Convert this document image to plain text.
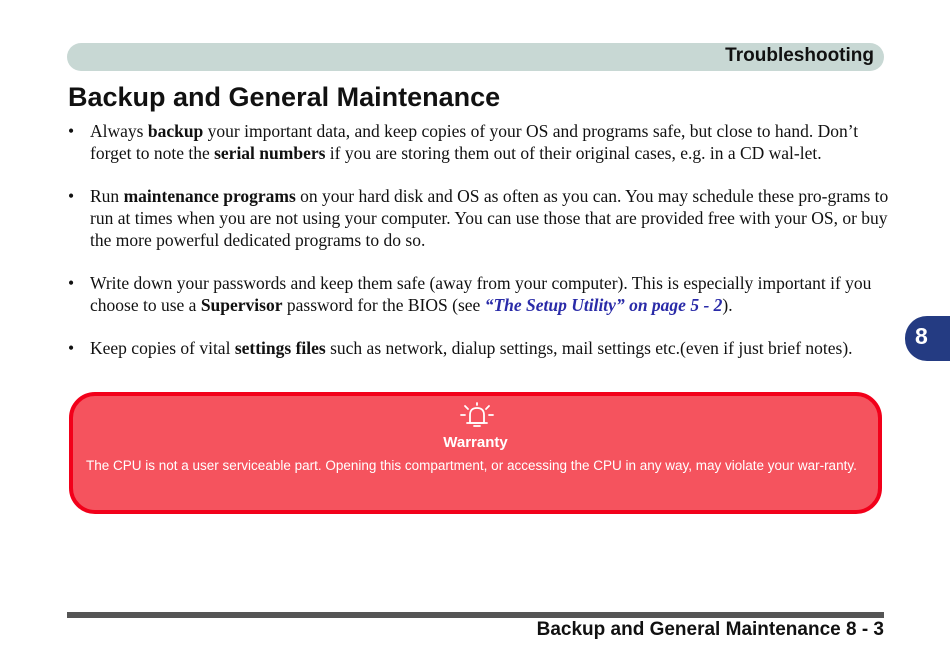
Troubleshooting
Backup and General Maintenance
• Always backup your important data, and keep copies of your OS and programs safe, but close to hand. Don’t forget to note the serial numbers if you are storing them out of their original cases, e.g. in a CD wal-let.
• Run maintenance programs on your hard disk and OS as often as you can. You may schedule these pro-grams to run at times when you are not using your computer. You can use those that are provided free with your OS, or buy the more powerful dedicated programs to do so.
• Write down your passwords and keep them safe (away from your computer). This is especially important if you choose to use a Supervisor password for the BIOS (see “The Setup Utility” on page 5 - 2).
• Keep copies of vital settings files such as network, dialup settings, mail settings etc.(even if just brief notes).	8
Warranty

The CPU is not a user serviceable part. Opening this compartment, or accessing the CPU in any way, may violate your war-ranty.

Backup and General Maintenance 8 - 3
